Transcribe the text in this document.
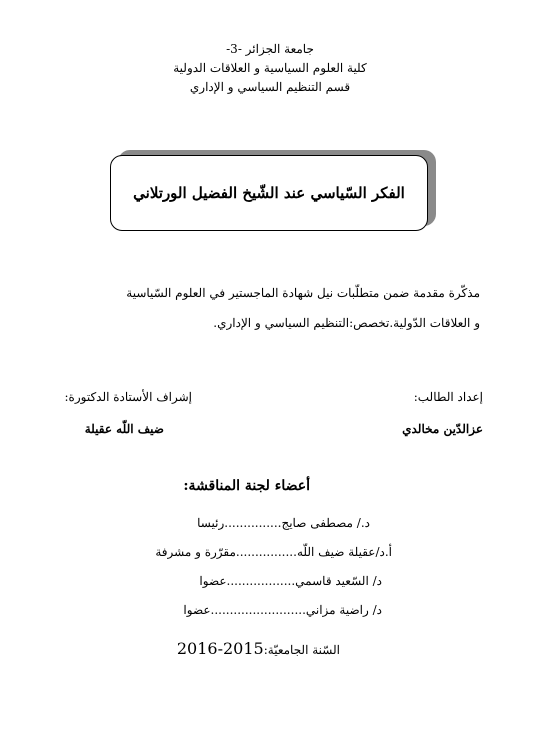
جامعة الجزائر -3-
كلية العلوم السياسية و العلاقات الدولية
قسم التنظيم السياسي و الإداري
الفكر السّياسي عند الشّيخ الفضيل الورتلاني
مذكّرة مقدمة ضمن متطلّبات نيل شهادة الماجستير في العلوم السّياسية
و العلاقات الدّولية.تخصص:التنظيم السياسي و الإداري.
إعداد الطالب:
إشراف الأستادة الدكتورة:
عزالدّين مخالدي
ضيف اللّه عقيلة
أعضاء لجنة المناقشة:
د./ مصطفى صايج...............رئيسا
أ.د/عقيلة ضيف اللّه................مقرّرة و مشرفة
د/ السّعيد قاسمي..................عضوا
د/ راضية مزاني.........................عضوا
السّنة الجامعيّة:2015-2016
